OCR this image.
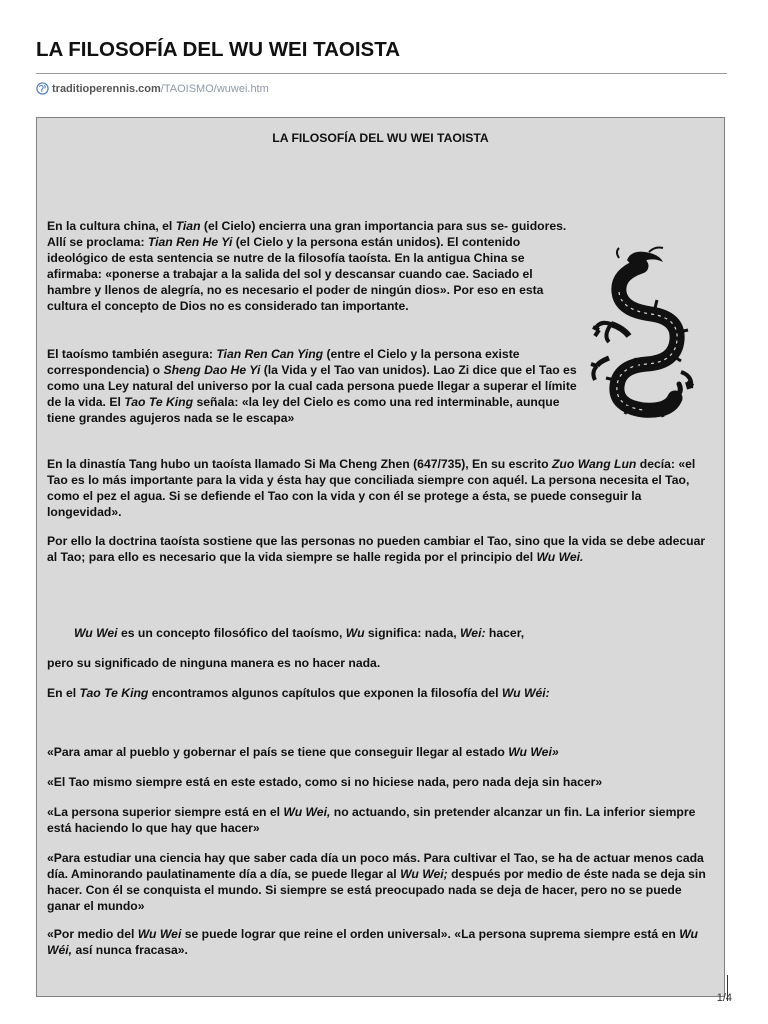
LA FILOSOFÍA DEL WU WEI TAOISTA
traditioperennis.com /TAOISMO/wuwei.htm
LA FILOSOFÍA DEL WU WEI TAOISTA

En la cultura china, el Tian (el Cielo) encierra una gran importancia para sus se- guidores. Allí se proclama: Tian Ren He Yi (el Cielo y la persona están unidos). El contenido ideológico de esta sentencia se nutre de la filosofía taoísta. En la antigua China se afirmaba: «ponerse a trabajar a la salida del sol y descansar cuando cae. Saciado el hambre y llenos de alegría, no es necesario el poder de ningún dios». Por eso en esta cultura el concepto de Dios no es considerado tan importante.

El taoísmo también asegura: Tian Ren Can Ying (entre el Cielo y la persona existe correspondencia) o Sheng Dao He Yi (la Vida y el Tao van unidos). Lao Zi dice que el Tao es como una Ley natural del universo por la cual cada persona puede llegar a superar el límite de la vida. El Tao Te King señala: «la ley del Cielo es como una red interminable, aunque tiene grandes agujeros nada se le escapa»

En la dinastía Tang hubo un taoísta llamado Si Ma Cheng Zhen (647/735), En su escrito Zuo Wang Lun decía: «el Tao es lo más importante para la vida y ésta hay que conciliada siempre con aquél. La persona necesita el Tao, como el pez el agua. Si se defiende el Tao con la vida y con él se protege a ésta, se puede conseguir la longevidad».

Por ello la doctrina taoísta sostiene que las personas no pueden cambiar el Tao, sino que la vida se debe adecuar al Tao; para ello es necesario que la vida siempre se halle regida por el principio del Wu Wei.

Wu Wei es un concepto filosófico del taoísmo, Wu significa: nada, Wei: hacer,

pero su significado de ninguna manera es no hacer nada.

En el Tao Te King encontramos algunos capítulos que exponen la filosofía del Wu Wéi:

«Para amar al pueblo y gobernar el país se tiene que conseguir llegar al estado Wu Wei»

«El Tao mismo siempre está en este estado, como si no hiciese nada, pero nada deja sin hacer»

«La persona superior siempre está en el Wu Wei, no actuando, sin pretender alcanzar un fin. La inferior siempre está haciendo lo que hay que hacer»

«Para estudiar una ciencia hay que saber cada día un poco más. Para cultivar el Tao, se ha de actuar menos cada día. Aminorando paulatinamente día a día, se puede llegar al Wu Wei; después por medio de éste nada se deja sin hacer. Con él se conquista el mundo. Si siempre se está preocupado nada se deja de hacer, pero no se puede ganar el mundo»

«Por medio del Wu Wei se puede lograr que reine el orden universal». «La persona suprema siempre está en Wu Wéi, así nunca fracasa».

1/4
